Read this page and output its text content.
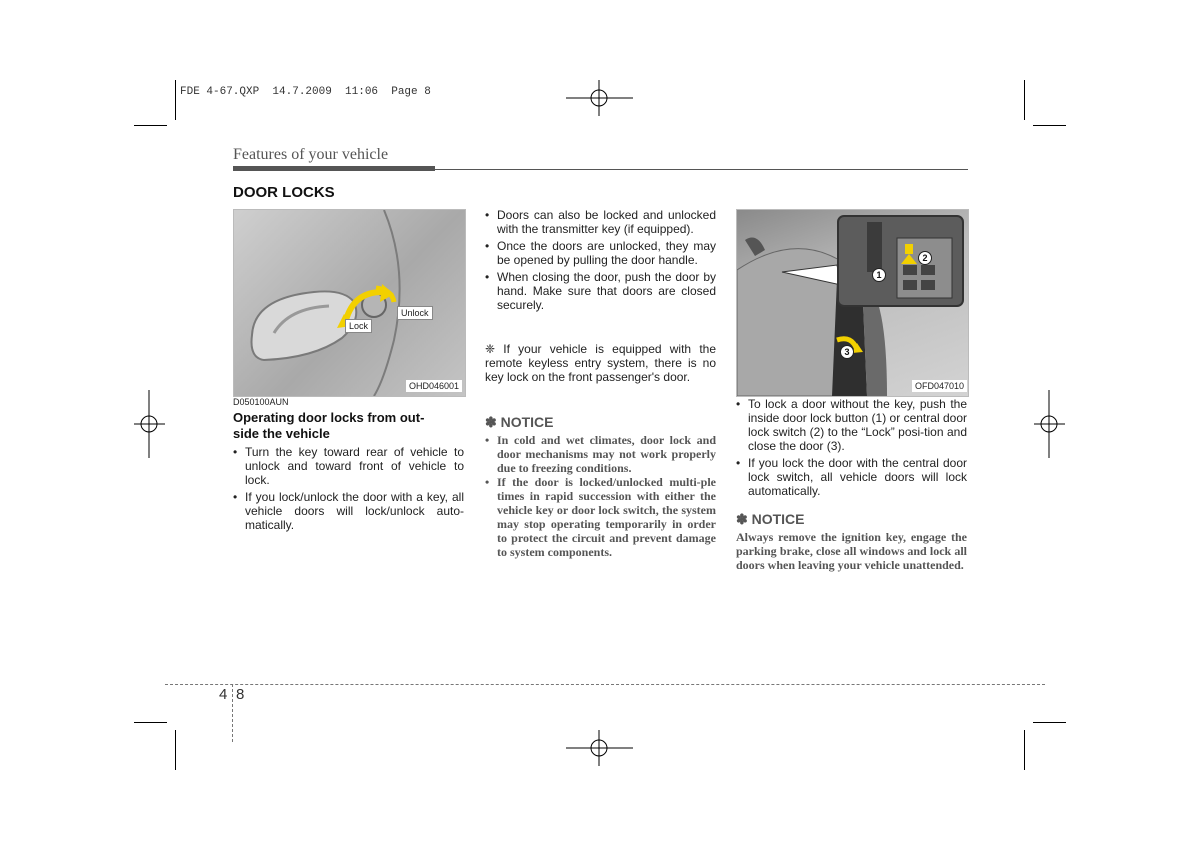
FDE 4-67.QXP  14.7.2009  11:06  Page 8
Features of your vehicle
DOOR LOCKS
Lock
Unlock
OHD046001
D050100AUN
Operating door locks from out-side the vehicle
• Turn the key toward rear of vehicle to unlock and toward front of vehicle to lock.
• If you lock/unlock the door with a key, all vehicle doors will lock/unlock auto-matically.
• Doors can also be locked and unlocked with the transmitter key (if equipped).
• Once the doors are unlocked, they may be opened by pulling the door handle.
• When closing the door, push the door by hand. Make sure that doors are closed securely.
❈ If your vehicle is equipped with the remote keyless entry system, there is no key lock on the front passenger's door.
✽ NOTICE
• In cold and wet climates, door lock and door mechanisms may not work properly due to freezing conditions.
• If the door is locked/unlocked multi-ple times in rapid succession with either the vehicle key or door lock switch, the system may stop operating temporarily in order to protect the circuit and prevent damage to system components.
1
2
3
OFD047010
• To lock a door without the key, push the inside door lock button (1) or central door lock switch (2) to the “Lock” posi-tion and close the door (3).
• If you lock the door with the central door lock switch, all vehicle doors will lock automatically.
✽ NOTICE
Always remove the ignition key, engage the parking brake, close all windows and lock all doors when leaving your vehicle unattended.
4 8
